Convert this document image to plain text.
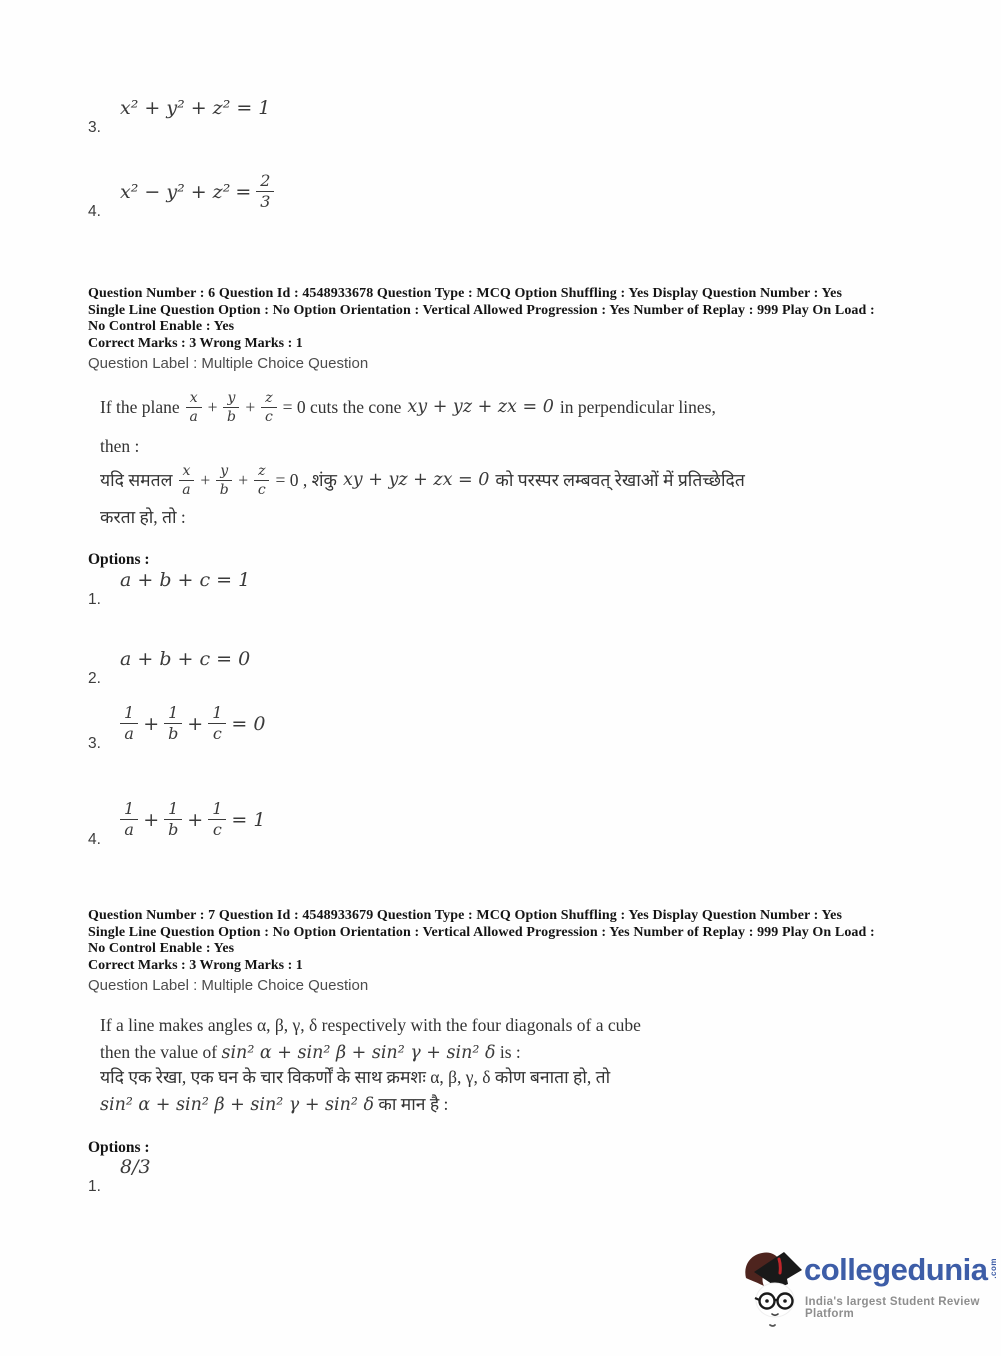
3.
x² + y² + z² = 1
4.
$x^2 - y^2 + z^2 = \frac{2}{3}$

Question Number : 6 Question Id : 4548933678 Question Type : MCQ Option Shuffling : Yes Display Question Number : Yes

Single Line Question Option : No Option Orientation : Vertical Allowed Progression : Yes Number of Replay : 999 Play On Load :

No Control Enable : Yes

Correct Marks : 3 Wrong Marks : 1
Question Label : Multiple Choice Question
If the plane $\frac{x}{a} + \frac{y}{b} + \frac{z}{c} = 0$ cuts the cone xy + yz + zx = 0 in perpendicular lines,
then :
यदि समतल $\frac{x}{a} + \frac{y}{b} + \frac{z}{c} = 0$ , शंकु xy + yz + zx = 0 को परस्पर लम्बवत् रेखाओं में प्रतिच्छेदित
करता हो, तो :
Options :
1.
a + b + c = 1
2.
a + b + c = 0
3.	$\frac{1}{a} + \frac{1}{b} + \frac{1}{c} = 0$
4.	$\frac{1}{a} + \frac{1}{b} + \frac{1}{c} = 1$

Question Number : 7 Question Id : 4548933679 Question Type : MCQ Option Shuffling : Yes Display Question Number : Yes

Single Line Question Option : No Option Orientation : Vertical Allowed Progression : Yes Number of Replay : 999 Play On Load :

No Control Enable : Yes

Correct Marks : 3 Wrong Marks : 1
Question Label : Multiple Choice Question
If a line makes angles α, β, γ, δ respectively with the four diagonals of a cube
then the value of sin² α + sin² β + sin² γ + sin² δ is :
यदि एक रेखा, एक घन के चार विकर्णों के साथ क्रमशः α, β, γ, δ कोण बनाता हो, तो
sin² α + sin² β + sin² γ + sin² δ का मान है :
Options :
1.
8/3
collegedunia .com
India's largest Student Review Platform
